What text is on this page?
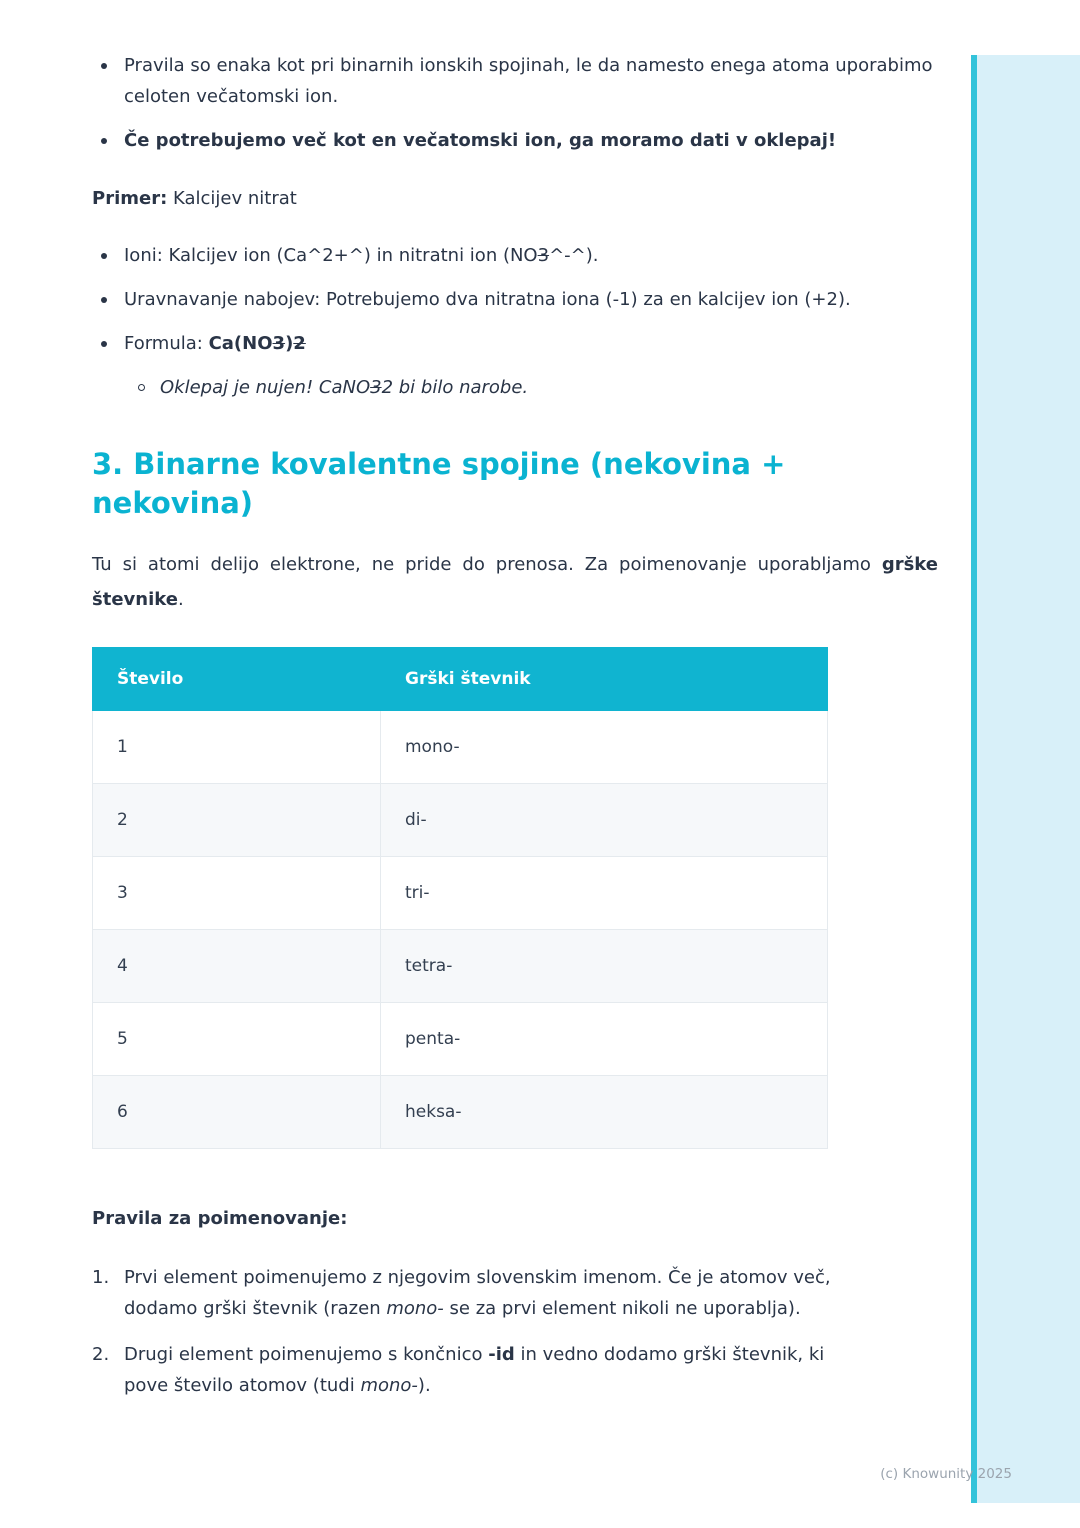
Pravila so enaka kot pri binarnih ionskih spojinah, le da namesto enega atoma uporabimo celoten večatomski ion.
Če potrebujemo več kot en večatomski ion, ga moramo dati v oklepaj!

Primer: Kalcijev nitrat

Ioni: Kalcijev ion (Ca^2+^) in nitratni ion (NO3^-^).
Uravnavanje nabojev: Potrebujemo dva nitratna iona (-1) za en kalcijev ion (+2).
Formula: Ca(NO3)2
Oklepaj je nujen! CaNO32 bi bilo narobe.
3. Binarne kovalentne spojine (nekovina + nekovina)

Tu si atomi delijo elektrone, ne pride do prenosa. Za poimenovanje uporabljamo grške števnike.

Število	Grški števnik
1	mono-
2	di-
3	tri-
4	tetra-
5	penta-
6	heksa-

Pravila za poimenovanje:

1. Prvi element poimenujemo z njegovim slovenskim imenom. Če je atomov več, dodamo grški števnik (razen mono- se za prvi element nikoli ne uporablja).
2. Drugi element poimenujemo s končnico -id in vedno dodamo grški števnik, ki pove število atomov (tudi mono-).
(c) Knowunity 2025
